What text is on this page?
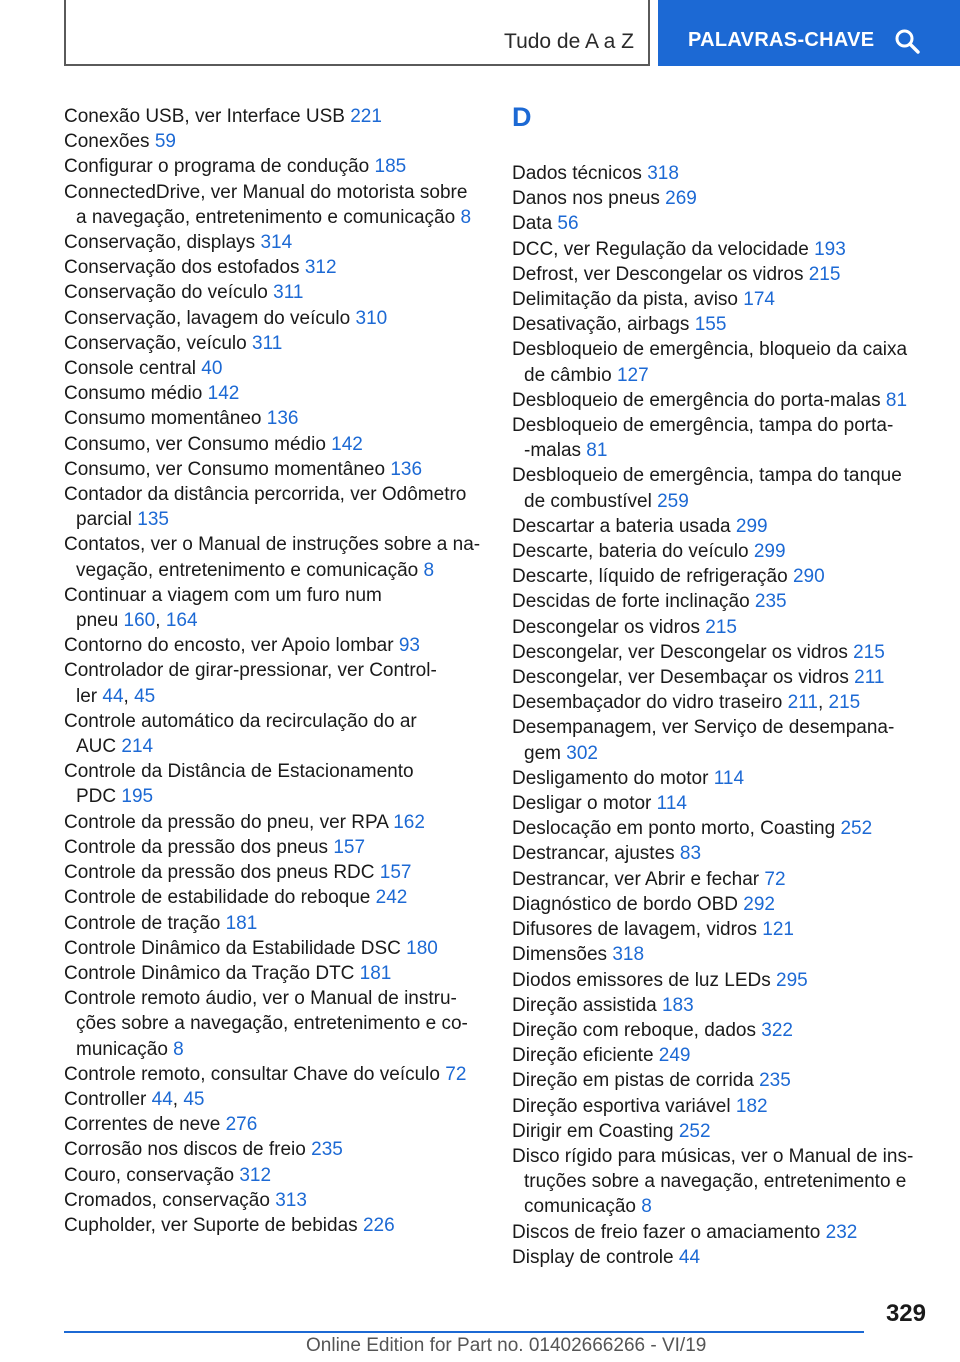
Tudo de A a Z	PALAVRAS-CHAVE
Conexão USB, ver Interface USB 221
Conexões 59
Configurar o programa de condução 185
ConnectedDrive, ver Manual do motorista sobre
a navegação, entretenimento e comunicação 8
Conservação, displays 314
Conservação dos estofados 312
Conservação do veículo 311
Conservação, lavagem do veículo 310
Conservação, veículo 311
Console central 40
Consumo médio 142
Consumo momentâneo 136
Consumo, ver Consumo médio 142
Consumo, ver Consumo momentâneo 136
Contador da distância percorrida, ver Odômetro
parcial 135
Contatos, ver o Manual de instruções sobre a na‐
vegação, entretenimento e comunicação 8
Continuar a viagem com um furo num
pneu 160, 164
Contorno do encosto, ver Apoio lombar 93
Controlador de girar-pressionar, ver Control‐
ler 44, 45
Controle automático da recirculação do ar
AUC 214
Controle da Distância de Estacionamento
PDC 195
Controle da pressão do pneu, ver RPA 162
Controle da pressão dos pneus 157
Controle da pressão dos pneus RDC 157
Controle de estabilidade do reboque 242
Controle de tração 181
Controle Dinâmico da Estabilidade DSC 180
Controle Dinâmico da Tração DTC 181
Controle remoto áudio, ver o Manual de instru‐
ções sobre a navegação, entretenimento e co‐
municação 8
Controle remoto, consultar Chave do veículo 72
Controller 44, 45
Correntes de neve 276
Corrosão nos discos de freio 235
Couro, conservação 312
Cromados, conservação 313
Cupholder, ver Suporte de bebidas 226
D
Dados técnicos 318
Danos nos pneus 269
Data 56
DCC, ver Regulação da velocidade 193
Defrost, ver Descongelar os vidros 215
Delimitação da pista, aviso 174
Desativação, airbags 155
Desbloqueio de emergência, bloqueio da caixa
de câmbio 127
Desbloqueio de emergência do porta-malas 81
Desbloqueio de emergência, tampa do porta-
-malas 81
Desbloqueio de emergência, tampa do tanque
de combustível 259
Descartar a bateria usada 299
Descarte, bateria do veículo 299
Descarte, líquido de refrigeração 290
Descidas de forte inclinação 235
Descongelar os vidros 215
Descongelar, ver Descongelar os vidros 215
Descongelar, ver Desembaçar os vidros 211
Desembaçador do vidro traseiro 211, 215
Desempanagem, ver Serviço de desempana‐
gem 302
Desligamento do motor 114
Desligar o motor 114
Deslocação em ponto morto, Coasting 252
Destrancar, ajustes 83
Destrancar, ver Abrir e fechar 72
Diagnóstico de bordo OBD 292
Difusores de lavagem, vidros 121
Dimensões 318
Diodos emissores de luz LEDs 295
Direção assistida 183
Direção com reboque, dados 322
Direção eficiente 249
Direção em pistas de corrida 235
Direção esportiva variável 182
Dirigir em Coasting 252
Disco rígido para músicas, ver o Manual de ins‐
truções sobre a navegação, entretenimento e
comunicação 8
Discos de freio fazer o amaciamento 232
Display de controle 44
329
Online Edition for Part no. 01402666266 - VI/19
